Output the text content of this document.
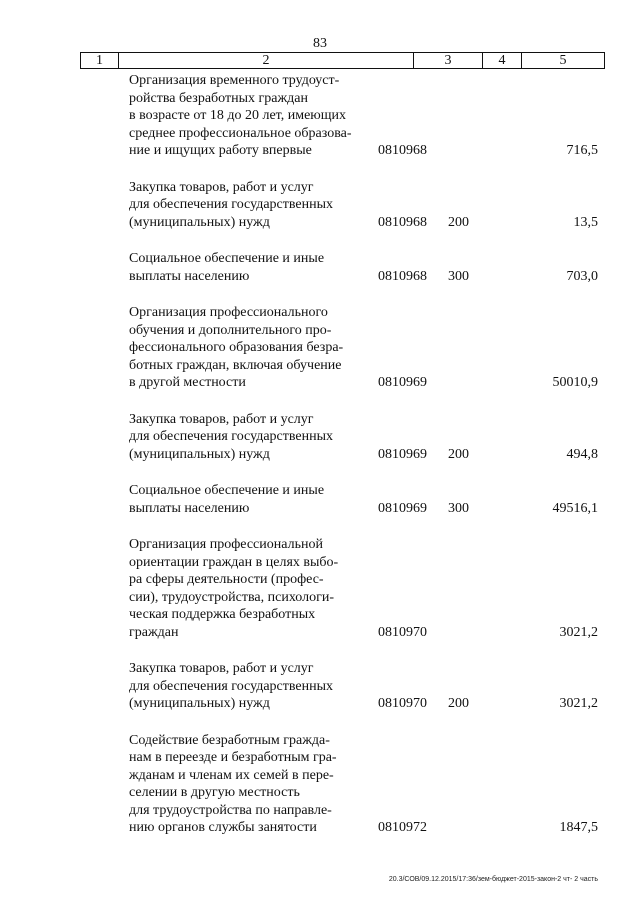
83
1	2	3	4	5
Организация временного трудоуст-
ройства безработных граждан
в возрасте от 18 до 20 лет, имеющих
среднее профессиональное образова-
ние и ищущих работу впервые	0810968	716,5
Закупка товаров, работ и услуг
для обеспечения государственных
(муниципальных) нужд	0810968 200	13,5
Социальное обеспечение и иные
выплаты населению	0810968 300	703,0
Организация профессионального
обучения и дополнительного про-
фессионального образования безра-
ботных граждан, включая обучение
в другой местности	0810969	50010,9
Закупка товаров, работ и услуг
для обеспечения государственных
(муниципальных) нужд	0810969 200	494,8
Социальное обеспечение и иные
выплаты населению	0810969 300	49516,1
Организация профессиональной
ориентации граждан в целях выбо-
ра сферы деятельности (профес-
сии), трудоустройства, психологи-
ческая поддержка безработных
граждан	0810970	3021,2
Закупка товаров, работ и услуг
для обеспечения государственных
(муниципальных) нужд	0810970 200	3021,2
Содействие безработным гражда-
нам в переезде и безработным гра-
жданам и членам их семей в пере-
селении в другую местность
для трудоустройства по направле-
нию органов службы занятости	0810972	1847,5
20.3/СОВ/09.12.2015/17:36/зем-бюджет-2015-закон-2 чт- 2 часть
